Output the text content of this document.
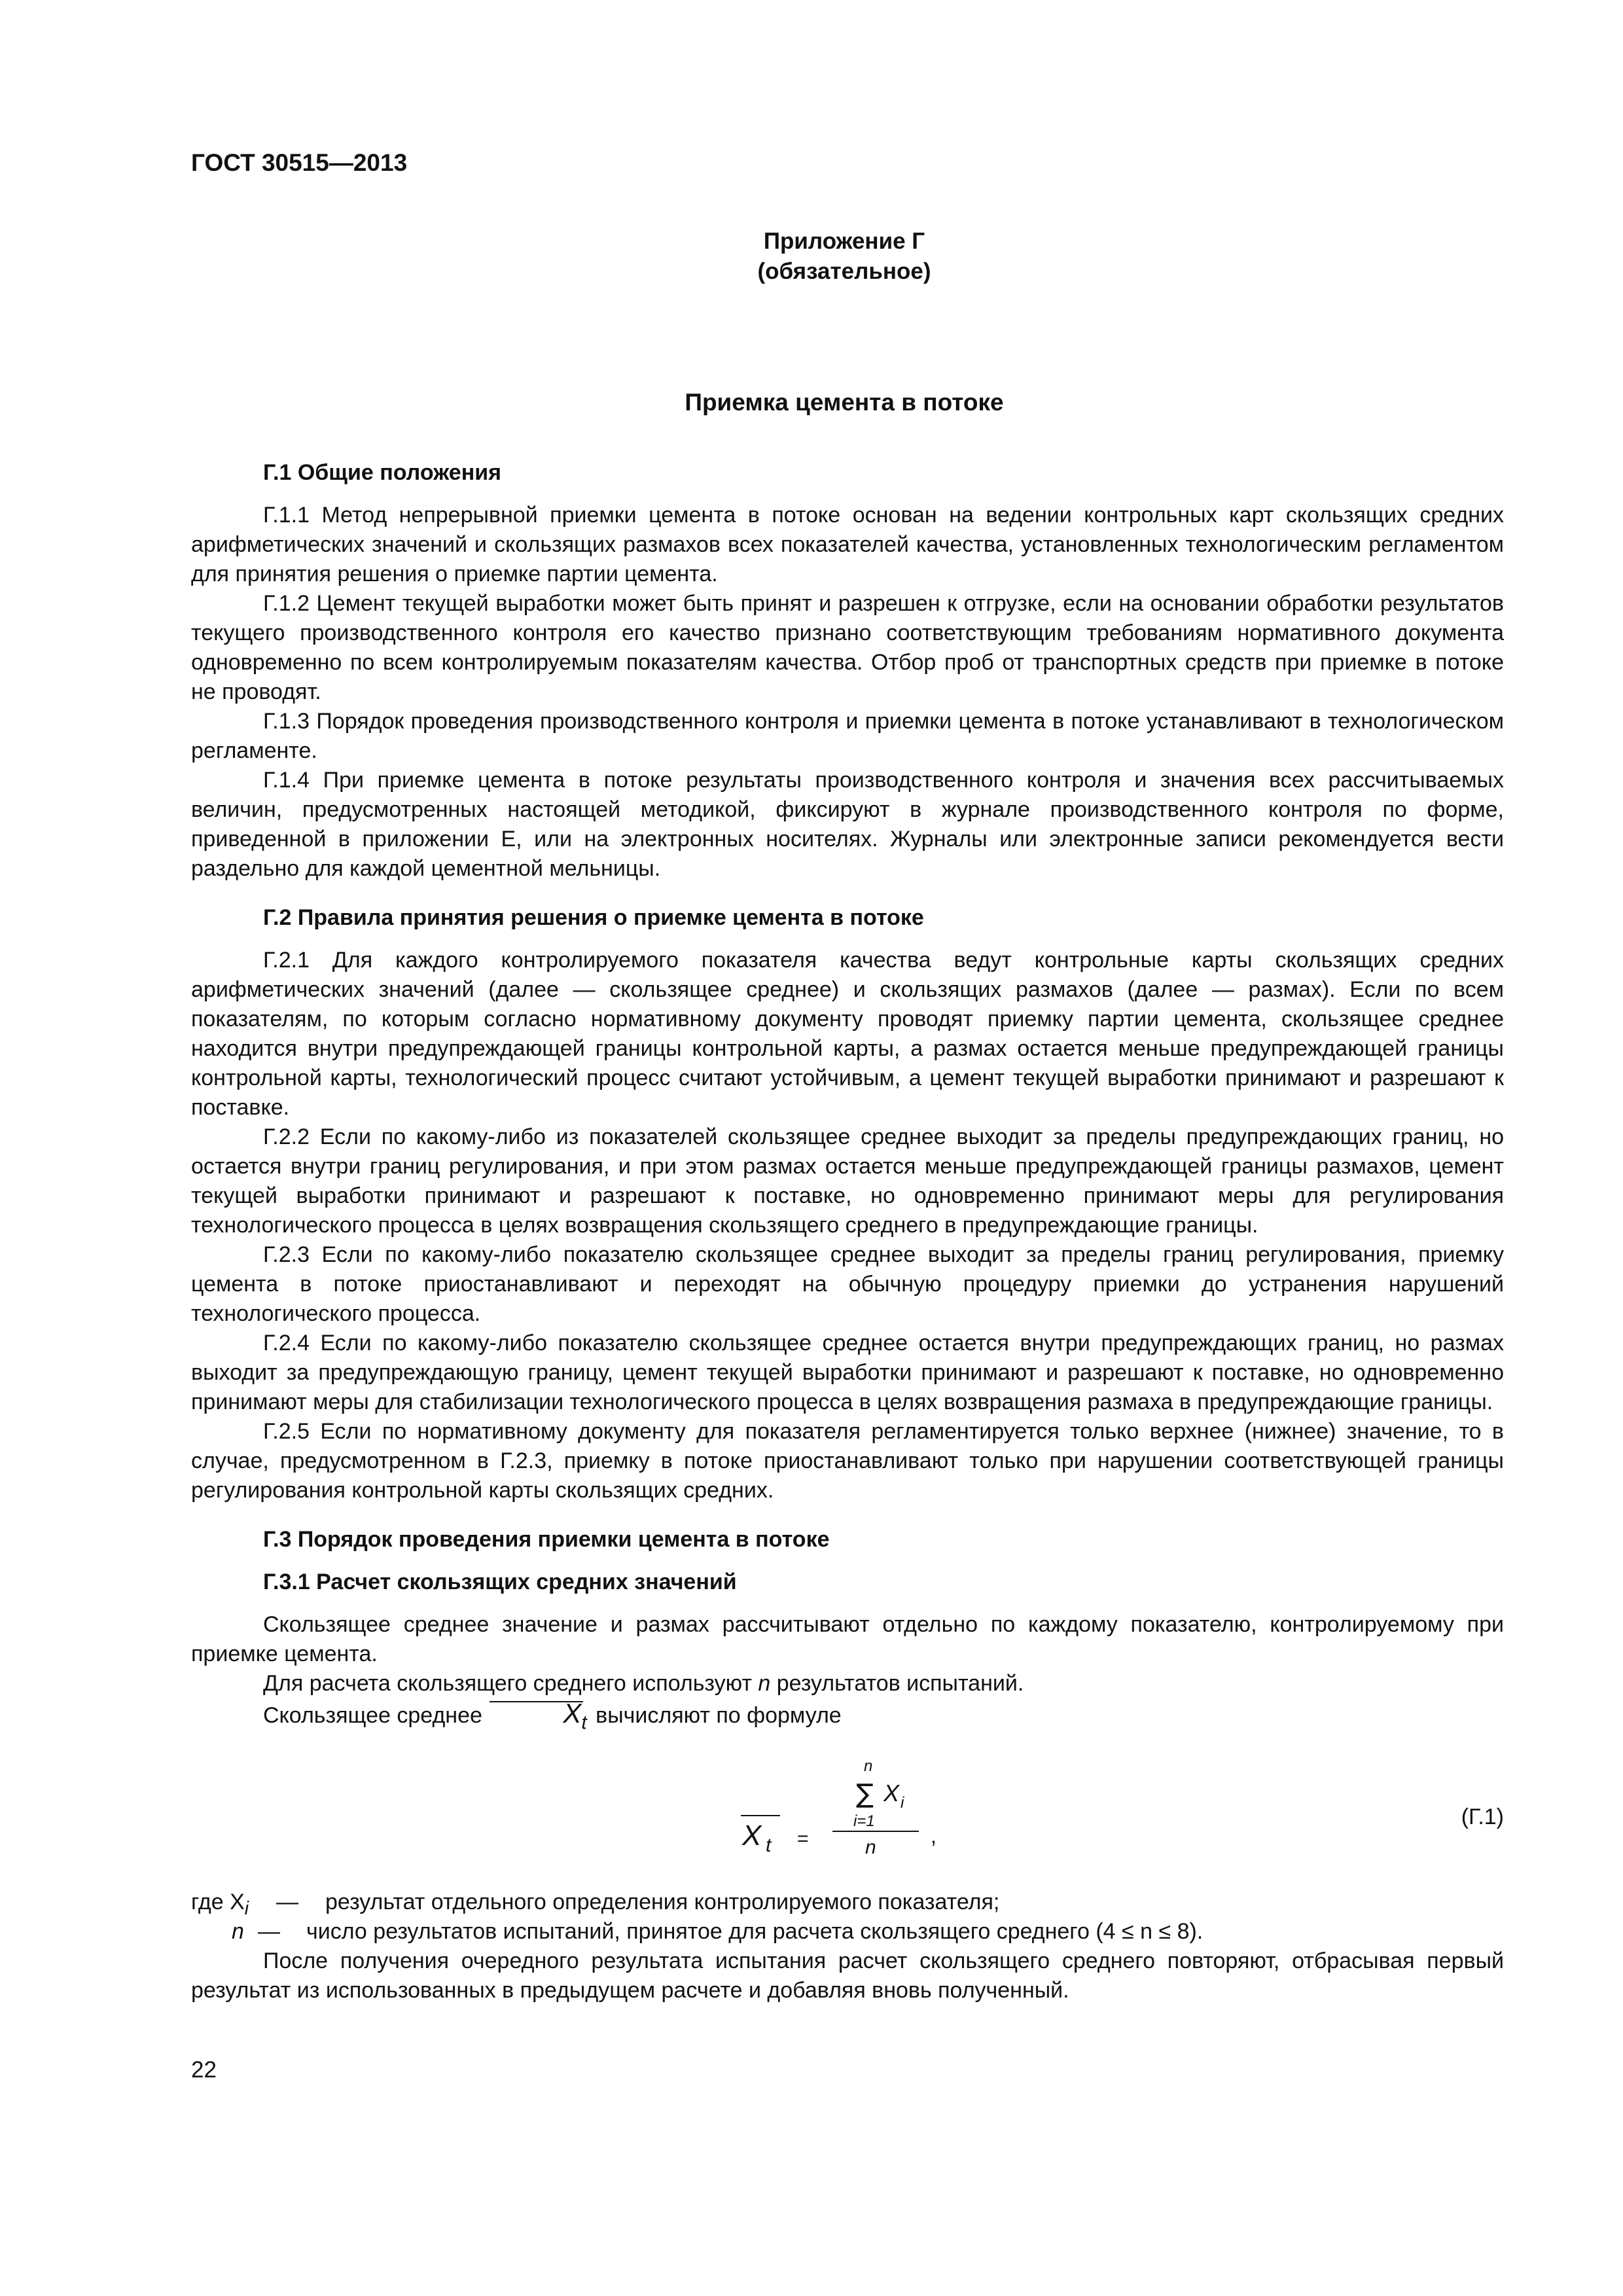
ГОСТ 30515—2013

Приложение Г
(обязательное)

Приемка цемента в потоке

Г.1 Общие положения

Г.1.1 Метод непрерывной приемки цемента в потоке основан на ведении контрольных карт скользящих средних арифметических значений и скользящих размахов всех показателей качества, установленных технологическим регламентом для принятия решения о приемке партии цемента.

Г.1.2 Цемент текущей выработки может быть принят и разрешен к отгрузке, если на основании обработки результатов текущего производственного контроля его качество признано соответствующим требованиям нормативного документа одновременно по всем контролируемым показателям качества. Отбор проб от транспортных средств при приемке в потоке не проводят.

Г.1.3 Порядок проведения производственного контроля и приемки цемента в потоке устанавливают в технологическом регламенте.

Г.1.4 При приемке цемента в потоке результаты производственного контроля и значения всех рассчитываемых величин, предусмотренных настоящей методикой, фиксируют в журнале производственного контроля по форме, приведенной в приложении Е, или на электронных носителях. Журналы или электронные записи рекомендуется вести раздельно для каждой цементной мельницы.

Г.2 Правила принятия решения о приемке цемента в потоке

Г.2.1 Для каждого контролируемого показателя качества ведут контрольные карты скользящих средних арифметических значений (далее — скользящее среднее) и скользящих размахов (далее — размах). Если по всем показателям, по которым согласно нормативному документу проводят приемку партии цемента, скользящее среднее находится внутри предупреждающей границы контрольной карты, а размах остается меньше предупреждающей границы контрольной карты, технологический процесс считают устойчивым, а цемент текущей выработки принимают и разрешают к поставке.

Г.2.2 Если по какому-либо из показателей скользящее среднее выходит за пределы предупреждающих границ, но остается внутри границ регулирования, и при этом размах остается меньше предупреждающей границы размахов, цемент текущей выработки принимают и разрешают к поставке, но одновременно принимают меры для регулирования технологического процесса в целях возвращения скользящего среднего в предупреждающие границы.

Г.2.3 Если по какому-либо показателю скользящее среднее выходит за пределы границ регулирования, приемку цемента в потоке приостанавливают и переходят на обычную процедуру приемки до устранения нарушений технологического процесса.

Г.2.4 Если по какому-либо показателю скользящее среднее остается внутри предупреждающих границ, но размах выходит за предупреждающую границу, цемент текущей выработки принимают и разрешают к поставке, но одновременно принимают меры для стабилизации технологического процесса в целях возвращения размаха в предупреждающие границы.

Г.2.5 Если по нормативному документу для показателя регламентируется только верхнее (нижнее) значение, то в случае, предусмотренном в Г.2.3, приемку в потоке приостанавливают только при нарушении соответствующей границы регулирования контрольной карты скользящих средних.

Г.3 Порядок проведения приемки цемента в потоке
Г.3.1 Расчет скользящих средних значений

Скользящее среднее значение и размах рассчитывают отдельно по каждому показателю, контролируемому при приемке цемента.

Для расчета скользящего среднего используют n результатов испытаний.

Скользящее среднее	$X_t$ вычисляют по формуле

X t =
n
∑ X i
i=1
n	,
(Г.1)
где $X_i$ — результат отдельного определения контролируемого показателя;
n — число результатов испытаний, принятое для расчета скользящего среднего (4 ≤ n ≤ 8).

После получения очередного результата испытания расчет скользящего среднего повторяют, отбрасывая первый результат из использованных в предыдущем расчете и добавляя вновь полученный.

22
